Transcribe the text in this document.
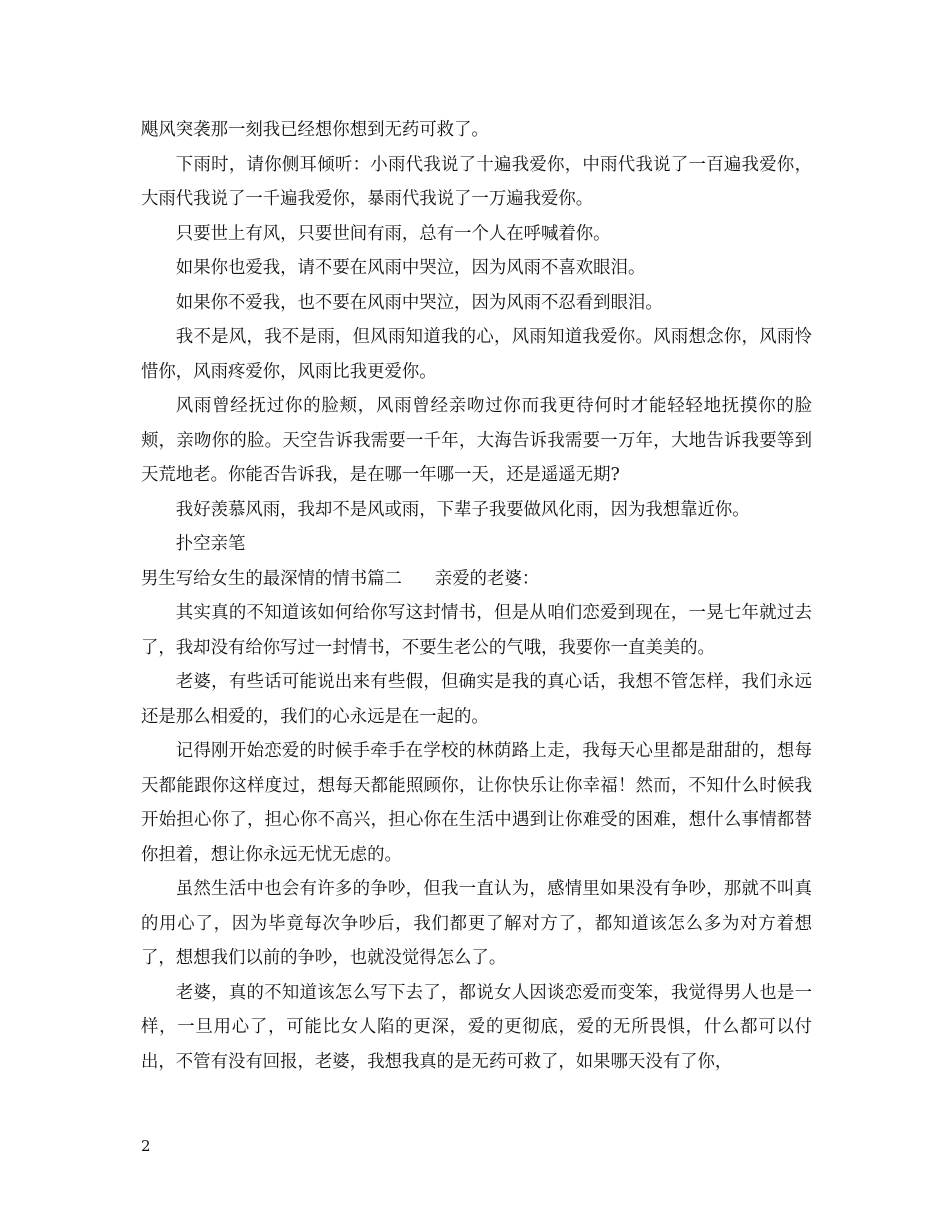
飓风突袭那一刻我已经想你想到无药可救了。

下雨时，请你侧耳倾听：小雨代我说了十遍我爱你，中雨代我说了一百遍我爱你，大雨代我说了一千遍我爱你，暴雨代我说了一万遍我爱你。

只要世上有风，只要世间有雨，总有一个人在呼喊着你。

如果你也爱我，请不要在风雨中哭泣，因为风雨不喜欢眼泪。

如果你不爱我，也不要在风雨中哭泣，因为风雨不忍看到眼泪。

我不是风，我不是雨，但风雨知道我的心，风雨知道我爱你。风雨想念你，风雨怜惜你，风雨疼爱你，风雨比我更爱你。

风雨曾经抚过你的脸颊，风雨曾经亲吻过你而我更待何时才能轻轻地抚摸你的脸颊，亲吻你的脸。天空告诉我需要一千年，大海告诉我需要一万年，大地告诉我要等到天荒地老。你能否告诉我，是在哪一年哪一天，还是遥遥无期?

我好羡慕风雨，我却不是风或雨，下辈子我要做风化雨，因为我想靠近你。

扑空亲笔

男生写给女生的最深情的情书篇二 亲爱的老婆：

其实真的不知道该如何给你写这封情书，但是从咱们恋爱到现在，一晃七年就过去了，我却没有给你写过一封情书，不要生老公的气哦，我要你一直美美的。

老婆，有些话可能说出来有些假，但确实是我的真心话，我想不管怎样，我们永远还是那么相爱的，我们的心永远是在一起的。

记得刚开始恋爱的时候手牵手在学校的林荫路上走，我每天心里都是甜甜的，想每天都能跟你这样度过，想每天都能照顾你，让你快乐让你幸福！然而，不知什么时候我开始担心你了，担心你不高兴，担心你在生活中遇到让你难受的困难，想什么事情都替你担着，想让你永远无忧无虑的。

虽然生活中也会有许多的争吵，但我一直认为，感情里如果没有争吵，那就不叫真的用心了，因为毕竟每次争吵后，我们都更了解对方了，都知道该怎么多为对方着想了，想想我们以前的争吵，也就没觉得怎么了。

老婆，真的不知道该怎么写下去了，都说女人因谈恋爱而变笨，我觉得男人也是一样，一旦用心了，可能比女人陷的更深，爱的更彻底，爱的无所畏惧，什么都可以付出，不管有没有回报，老婆，我想我真的是无药可救了，如果哪天没有了你，

2
